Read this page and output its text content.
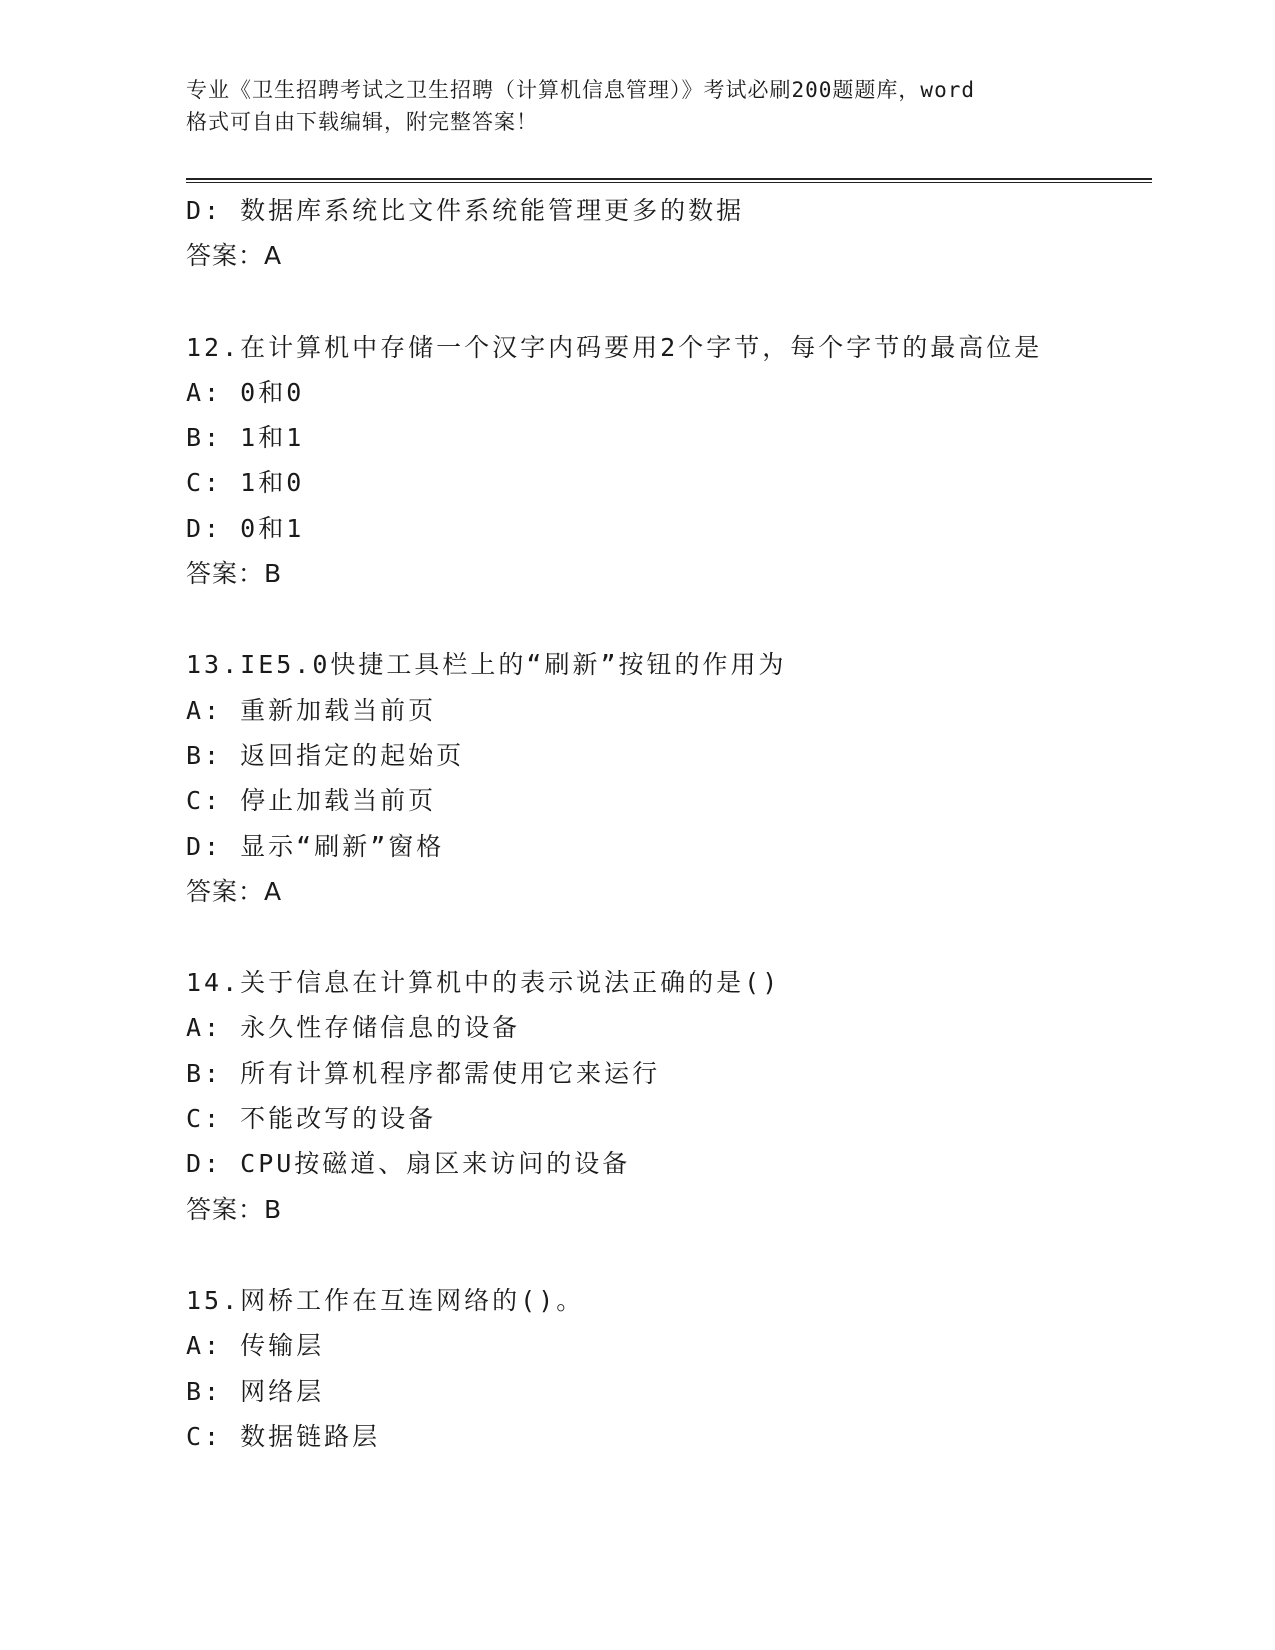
专业《卫生招聘考试之卫生招聘（计算机信息管理）》考试必刷200题题库，word
格式可自由下载编辑，附完整答案！
D: 数据库系统比文件系统能管理更多的数据
答案：A
12.在计算机中存储一个汉字内码要用2个字节，每个字节的最高位是
A: 0和0
B: 1和1
C: 1和0
D: 0和1
答案：B
13.IE5.0快捷工具栏上的“刷新”按钮的作用为
A: 重新加载当前页
B: 返回指定的起始页
C: 停止加载当前页
D: 显示“刷新”窗格
答案：A
14.关于信息在计算机中的表示说法正确的是()
A: 永久性存储信息的设备
B: 所有计算机程序都需使用它来运行
C: 不能改写的设备
D: CPU按磁道、扇区来访问的设备
答案：B
15.网桥工作在互连网络的()。
A: 传输层
B: 网络层
C: 数据链路层
